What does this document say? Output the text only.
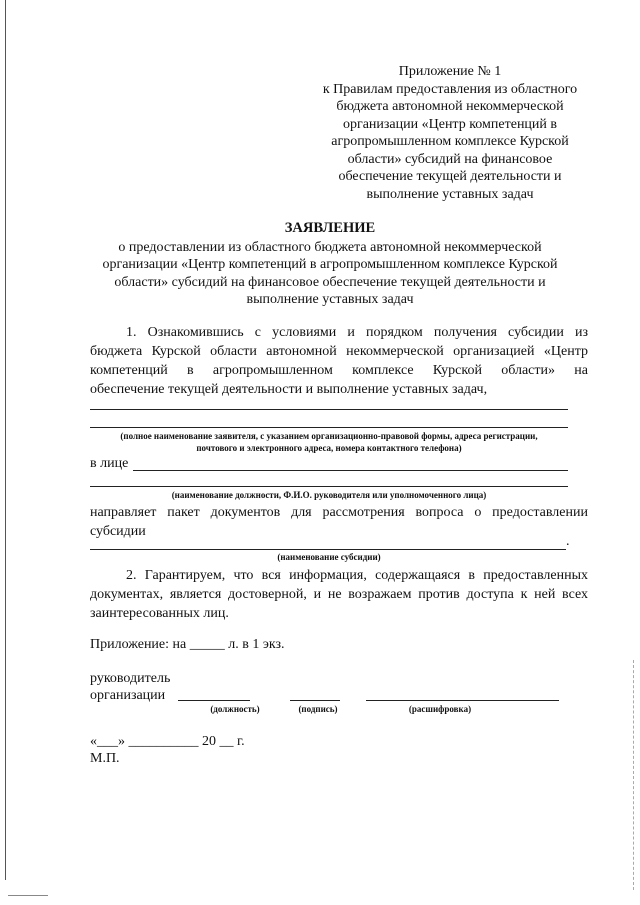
Приложение № 1
к Правилам предоставления из областного
бюджета автономной некоммерческой
организации «Центр компетенций в
агропромышленном комплексе Курской
области» субсидий на финансовое
обеспечение текущей деятельности и
выполнение уставных задач
ЗАЯВЛЕНИЕ
о предоставлении из областного бюджета автономной некоммерческой
организации «Центр компетенций в агропромышленном комплексе Курской
области» субсидий на финансовое обеспечение текущей деятельности и
выполнение уставных задач
1. Ознакомившись с условиями и порядком получения субсидии из
бюджета Курской области автономной некоммерческой организацией «Центр
компетенций в агропромышленном комплексе Курской области» на
обеспечение текущей деятельности и выполнение уставных задач,
(полное наименование заявителя, с указанием организационно-правовой формы, адреса регистрации,
почтового и электронного адреса, номера контактного телефона)
в лице
(наименование должности, Ф.И.О. руководителя или уполномоченного лица)
направляет пакет документов для рассмотрения вопроса о предоставлении
субсидии
.
(наименование субсидии)
2. Гарантируем, что вся информация, содержащаяся в предоставленных
документах, является достоверной, и не возражаем против доступа к ней всех
заинтересованных лиц.
Приложение: на _____ л. в 1 экз.
руководитель
организации
(должность)	(подпись)	(расшифровка)
«___» __________ 20 __ г.
М.П.
